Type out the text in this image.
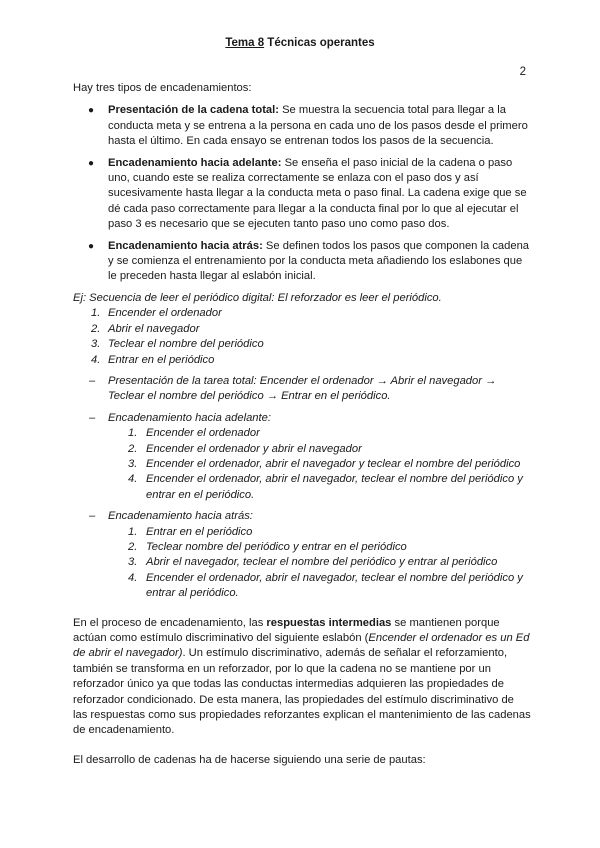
Tema 8 Técnicas operantes
2

Hay tres tipos de encadenamientos:

● Presentación de la cadena total: Se muestra la secuencia total para llegar a la conducta meta y se entrena a la persona en cada uno de los pasos desde el primero hasta el último. En cada ensayo se entrenan todos los pasos de la secuencia.
● Encadenamiento hacia adelante: Se enseña el paso inicial de la cadena o paso uno, cuando este se realiza correctamente se enlaza con el paso dos y así sucesivamente hasta llegar a la conducta meta o paso final. La cadena exige que se dé cada paso correctamente para llegar a la conducta final por lo que al ejecutar el paso 3 es necesario que se ejecuten tanto paso uno como paso dos.
● Encadenamiento hacia atrás: Se definen todos los pasos que componen la cadena y se comienza el entrenamiento por la conducta meta añadiendo los eslabones que le preceden hasta llegar al eslabón inicial.

Ej: Secuencia de leer el periódico digital: El reforzador es leer el periódico.

1. Encender el ordenador
2. Abrir el navegador
3. Teclear el nombre del periódico
4. Entrar en el periódico
– Presentación de la tarea total: Encender el ordenador → Abrir el navegador → Teclear el nombre del periódico → Entrar en el periódico.
– Encadenamiento hacia adelante:
1. Encender el ordenador
2. Encender el ordenador y abrir el navegador
3. Encender el ordenador, abrir el navegador y teclear el nombre del periódico
4. Encender el ordenador, abrir el navegador, teclear el nombre del periódico y entrar en el periódico.
– Encadenamiento hacia atrás:
1. Entrar en el periódico
2. Teclear nombre del periódico y entrar en el periódico
3. Abrir el navegador, teclear el nombre del periódico y entrar al periódico
4. Encender el ordenador, abrir el navegador, teclear el nombre del periódico y entrar al periódico.

En el proceso de encadenamiento, las respuestas intermedias se mantienen porque actúan como estímulo discriminativo del siguiente eslabón (Encender el ordenador es un Ed de abrir el navegador). Un estímulo discriminativo, además de señalar el reforzamiento, también se transforma en un reforzador, por lo que la cadena no se mantiene por un reforzador único ya que todas las conductas intermedias adquieren las propiedades de reforzador condicionado. De esta manera, las propiedades del estímulo discriminativo de las respuestas como sus propiedades reforzantes explican el mantenimiento de las cadenas de encadenamiento.

El desarrollo de cadenas ha de hacerse siguiendo una serie de pautas:
